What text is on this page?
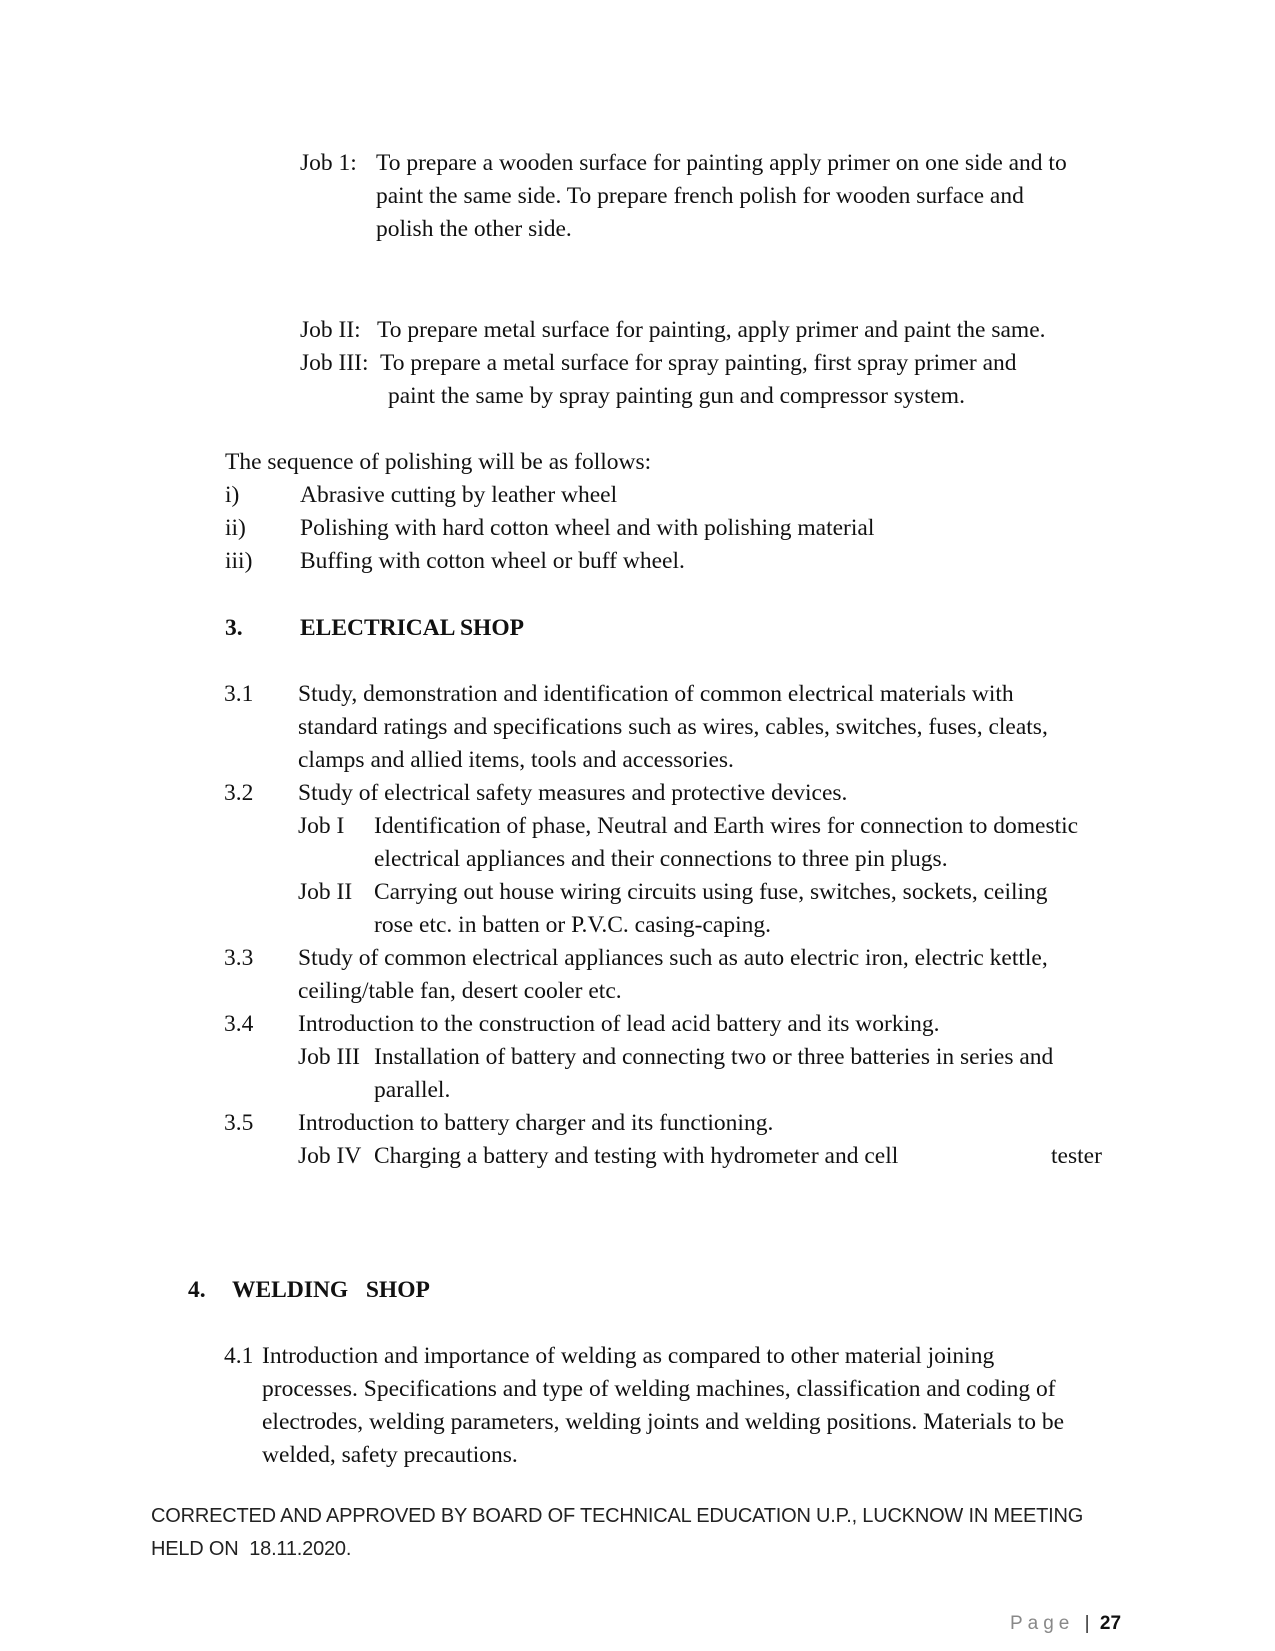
Job 1: To prepare a wooden surface for painting apply primer on one side and to
paint the same side. To prepare french polish for wooden surface and
polish the other side.
Job II: To prepare metal surface for painting, apply primer and paint the same.
Job III: To prepare a metal surface for spray painting, first spray primer and
paint the same by spray painting gun and compressor system.
The sequence of polishing will be as follows:
i)	Abrasive cutting by leather wheel
ii) Polishing with hard cotton wheel and with polishing material
iii) Buffing with cotton wheel or buff wheel.
3. ELECTRICAL SHOP
3.1 Study, demonstration and identification of common electrical materials with
standard ratings and specifications such as wires, cables, switches, fuses, cleats,
clamps and allied items, tools and accessories.
3.2 Study of electrical safety measures and protective devices.
Job I Identification of phase, Neutral and Earth wires for connection to domestic
electrical appliances and their connections to three pin plugs.
Job II Carrying out house wiring circuits using fuse, switches, sockets, ceiling
rose etc. in batten or P.V.C. casing-caping.
3.3 Study of common electrical appliances such as auto electric iron, electric kettle,
ceiling/table fan, desert cooler etc.
3.4 Introduction to the construction of lead acid battery and its working.
Job III Installation of battery and connecting two or three batteries in series and
parallel.
3.5 Introduction to battery charger and its functioning.
Job IV Charging a battery and testing with hydrometer and cell	tester
4. WELDING   SHOP
4.1 Introduction and importance of welding as compared to other material joining
processes. Specifications and type of welding machines, classification and coding of
electrodes, welding parameters, welding joints and welding positions. Materials to be
welded, safety precautions.
CORRECTED AND APPROVED BY BOARD OF TECHNICAL EDUCATION U.P., LUCKNOW IN MEETING
HELD ON  18.11.2020.
Page | 27
